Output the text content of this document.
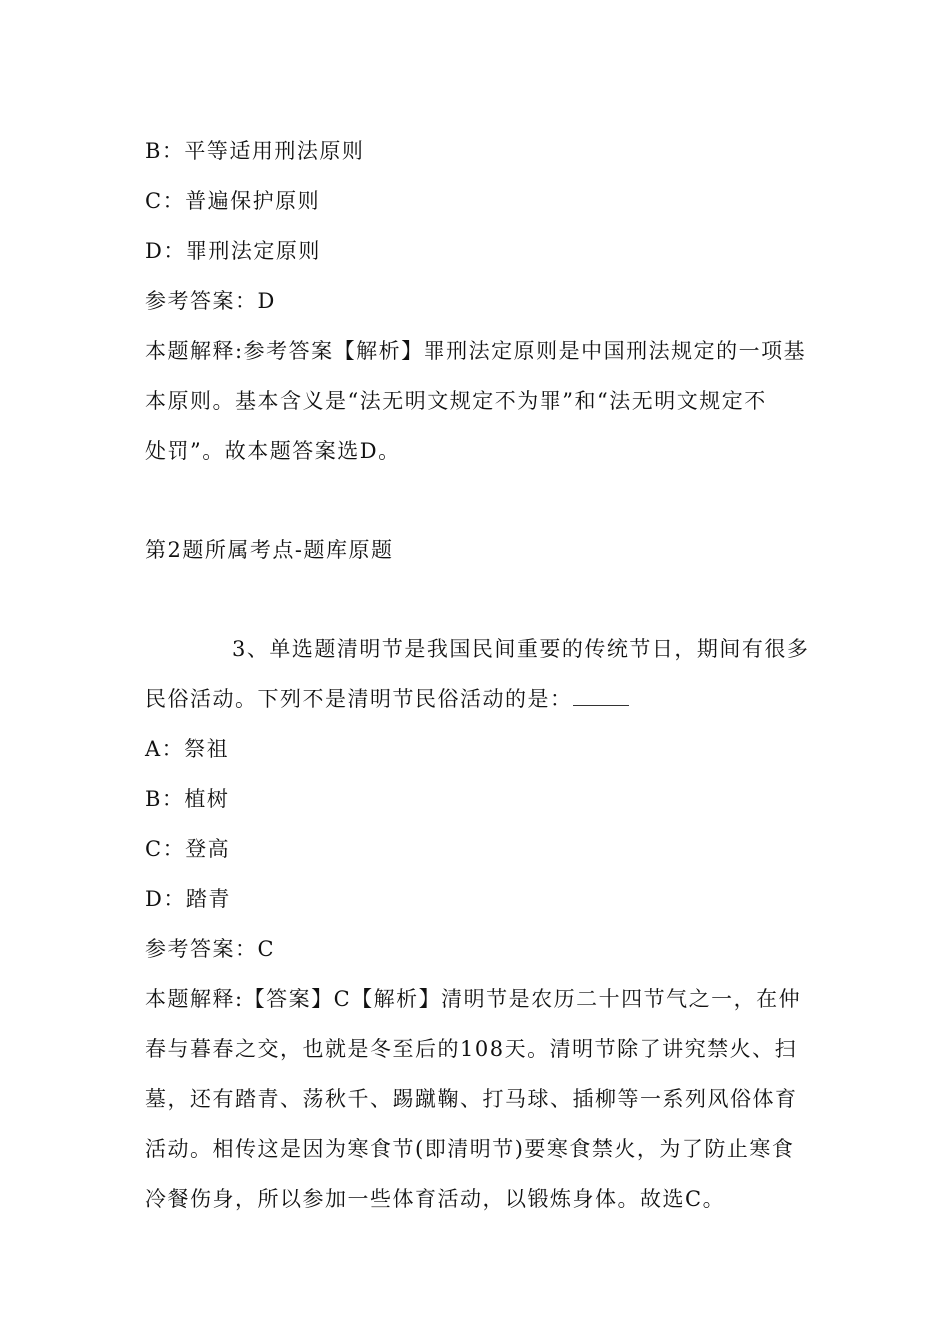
B：平等适用刑法原则
C：普遍保护原则
D：罪刑法定原则
参考答案：D
本题解释:参考答案【解析】罪刑法定原则是中国刑法规定的一项基
本原则。基本含义是“法无明文规定不为罪”和“法无明文规定不
处罚”。故本题答案选D。
第2题所属考点-题库原题
3、单选题清明节是我国民间重要的传统节日，期间有很多
民俗活动。下列不是清明节民俗活动的是：
A：祭祖
B：植树
C：登高
D：踏青
参考答案：C
本题解释:【答案】C【解析】清明节是农历二十四节气之一，在仲
春与暮春之交，也就是冬至后的108天。清明节除了讲究禁火、扫
墓，还有踏青、荡秋千、踢蹴鞠、打马球、插柳等一系列风俗体育
活动。相传这是因为寒食节(即清明节)要寒食禁火，为了防止寒食
冷餐伤身，所以参加一些体育活动，以锻炼身体。故选C。
